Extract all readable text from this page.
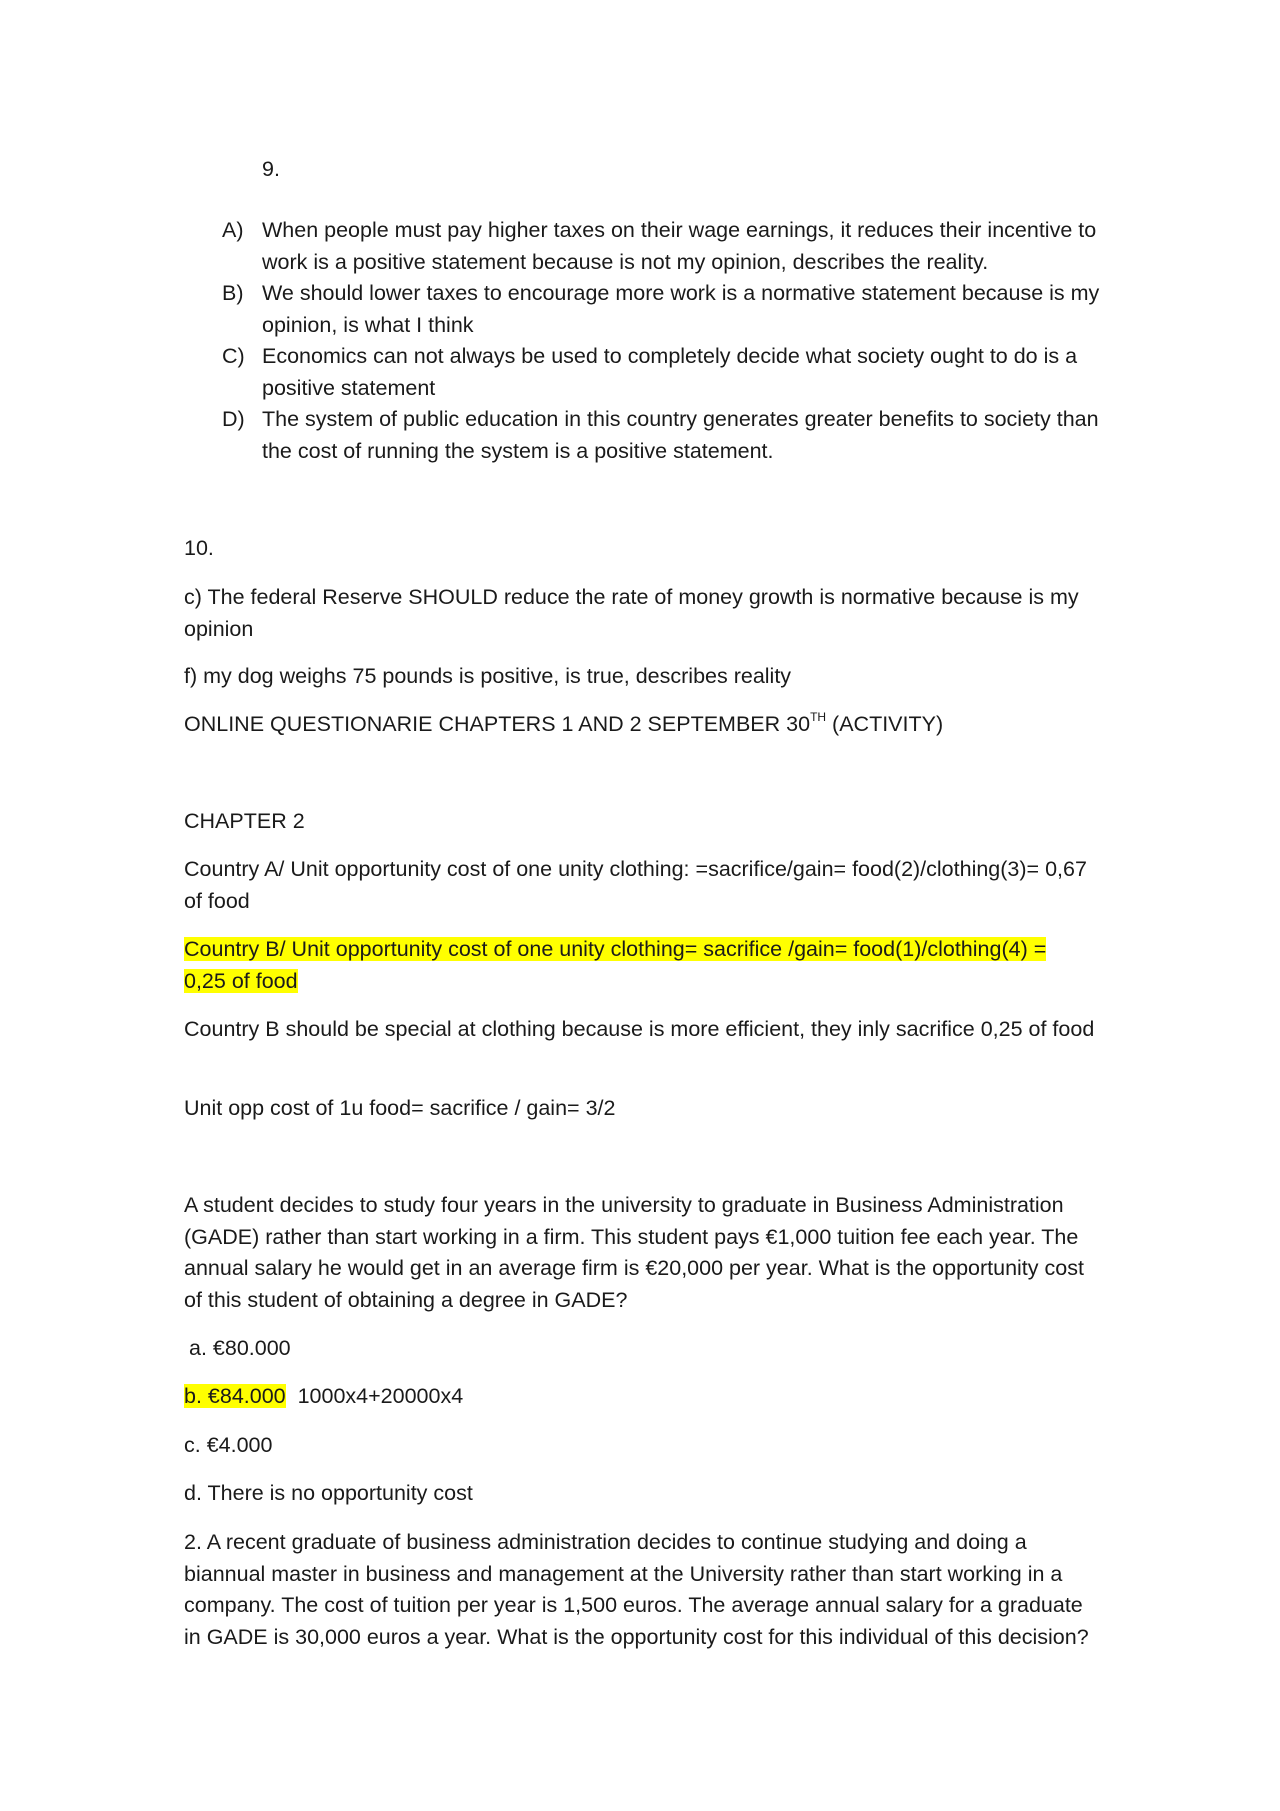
9.
A) When people must pay higher taxes on their wage earnings, it reduces their incentive to work is a positive statement because is not my opinion, describes the reality.
B) We should lower taxes to encourage more work is a normative statement because is my opinion, is what I think
C) Economics can not always be used to completely decide what society ought to do is a positive statement
D) The system of public education in this country generates greater benefits to society than the cost of running the system is a positive statement.

10.

c) The federal Reserve SHOULD reduce the rate of money growth is normative because is my opinion

f) my dog weighs 75 pounds is positive, is true, describes reality

ONLINE QUESTIONARIE CHAPTERS 1 AND 2 SEPTEMBER 30TH (ACTIVITY)

CHAPTER 2

Country A/ Unit opportunity cost of one unity clothing: =sacrifice/gain= food(2)/clothing(3)= 0,67 of food

Country B/ Unit opportunity cost of one unity clothing= sacrifice /gain= food(1)/clothing(4) =
0,25 of food

Country B should be special at clothing because is more efficient, they inly sacrifice 0,25 of food

Unit opp cost of 1u food= sacrifice / gain= 3/2

A student decides to study four years in the university to graduate in Business Administration (GADE) rather than start working in a firm. This student pays €1,000 tuition fee each year. The annual salary he would get in an average firm is €20,000 per year. What is the opportunity cost of this student of obtaining a degree in GADE?

a. €80.000

b. €84.000 1000x4+20000x4

c. €4.000

d. There is no opportunity cost

2. A recent graduate of business administration decides to continue studying and doing a biannual master in business and management at the University rather than start working in a company. The cost of tuition per year is 1,500 euros. The average annual salary for a graduate in GADE is 30,000 euros a year. What is the opportunity cost for this individual of this decision?
